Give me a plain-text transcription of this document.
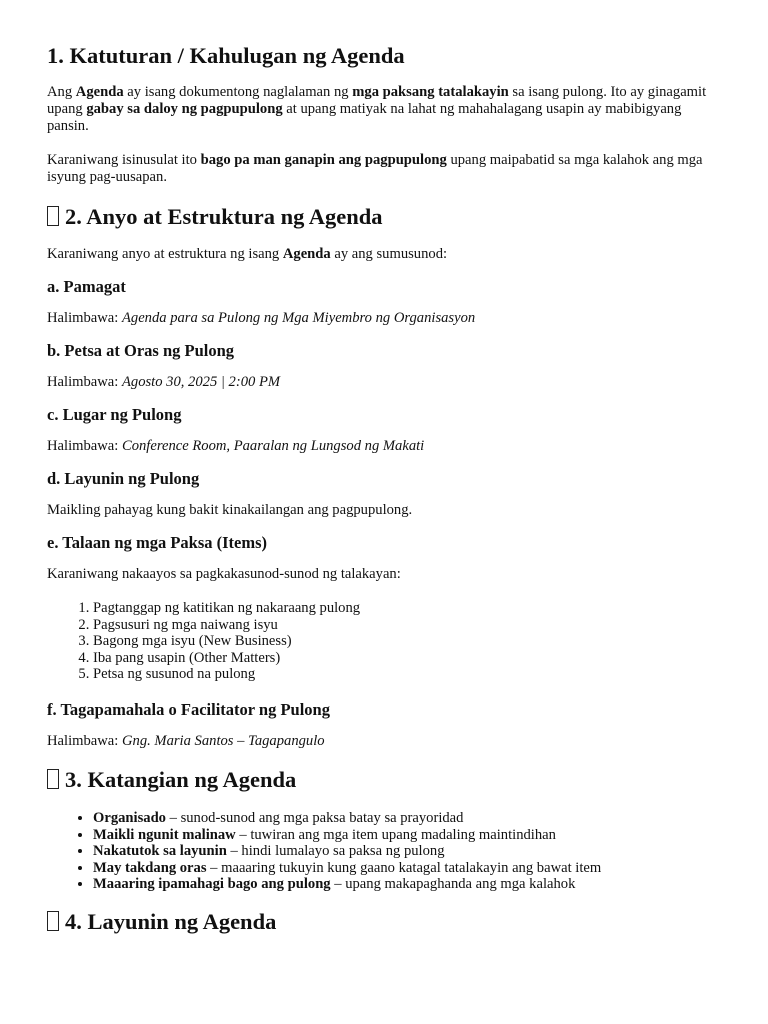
1. Katuturan / Kahulugan ng Agenda

Ang Agenda ay isang dokumentong naglalaman ng mga paksang tatalakayin sa isang pulong. Ito ay ginagamit upang gabay sa daloy ng pagpupulong at upang matiyak na lahat ng mahahalagang usapin ay mabibigyang pansin.

Karaniwang isinusulat ito bago pa man ganapin ang pagpupulong upang maipabatid sa mga kalahok ang mga isyung pag-uusapan.

2. Anyo at Estruktura ng Agenda

Karaniwang anyo at estruktura ng isang Agenda ay ang sumusunod:

a. Pamagat

Halimbawa: Agenda para sa Pulong ng Mga Miyembro ng Organisasyon

b. Petsa at Oras ng Pulong

Halimbawa: Agosto 30, 2025 | 2:00 PM

c. Lugar ng Pulong

Halimbawa: Conference Room, Paaralan ng Lungsod ng Makati

d. Layunin ng Pulong

Maikling pahayag kung bakit kinakailangan ang pagpupulong.

e. Talaan ng mga Paksa (Items)

Karaniwang nakaayos sa pagkakasunod-sunod ng talakayan:

1. Pagtanggap ng katitikan ng nakaraang pulong
2. Pagsusuri ng mga naiwang isyu
3. Bagong mga isyu (New Business)
4. Iba pang usapin (Other Matters)
5. Petsa ng susunod na pulong
f. Tagapamahala o Facilitator ng Pulong

Halimbawa: Gng. Maria Santos – Tagapangulo

3. Katangian ng Agenda
• Organisado – sunod-sunod ang mga paksa batay sa prayoridad
• Maikli ngunit malinaw – tuwiran ang mga item upang madaling maintindihan
• Nakatutok sa layunin – hindi lumalayo sa paksa ng pulong
• May takdang oras – maaaring tukuyin kung gaano katagal tatalakayin ang bawat item
• Maaaring ipamahagi bago ang pulong – upang makapaghanda ang mga kalahok
4. Layunin ng Agenda
